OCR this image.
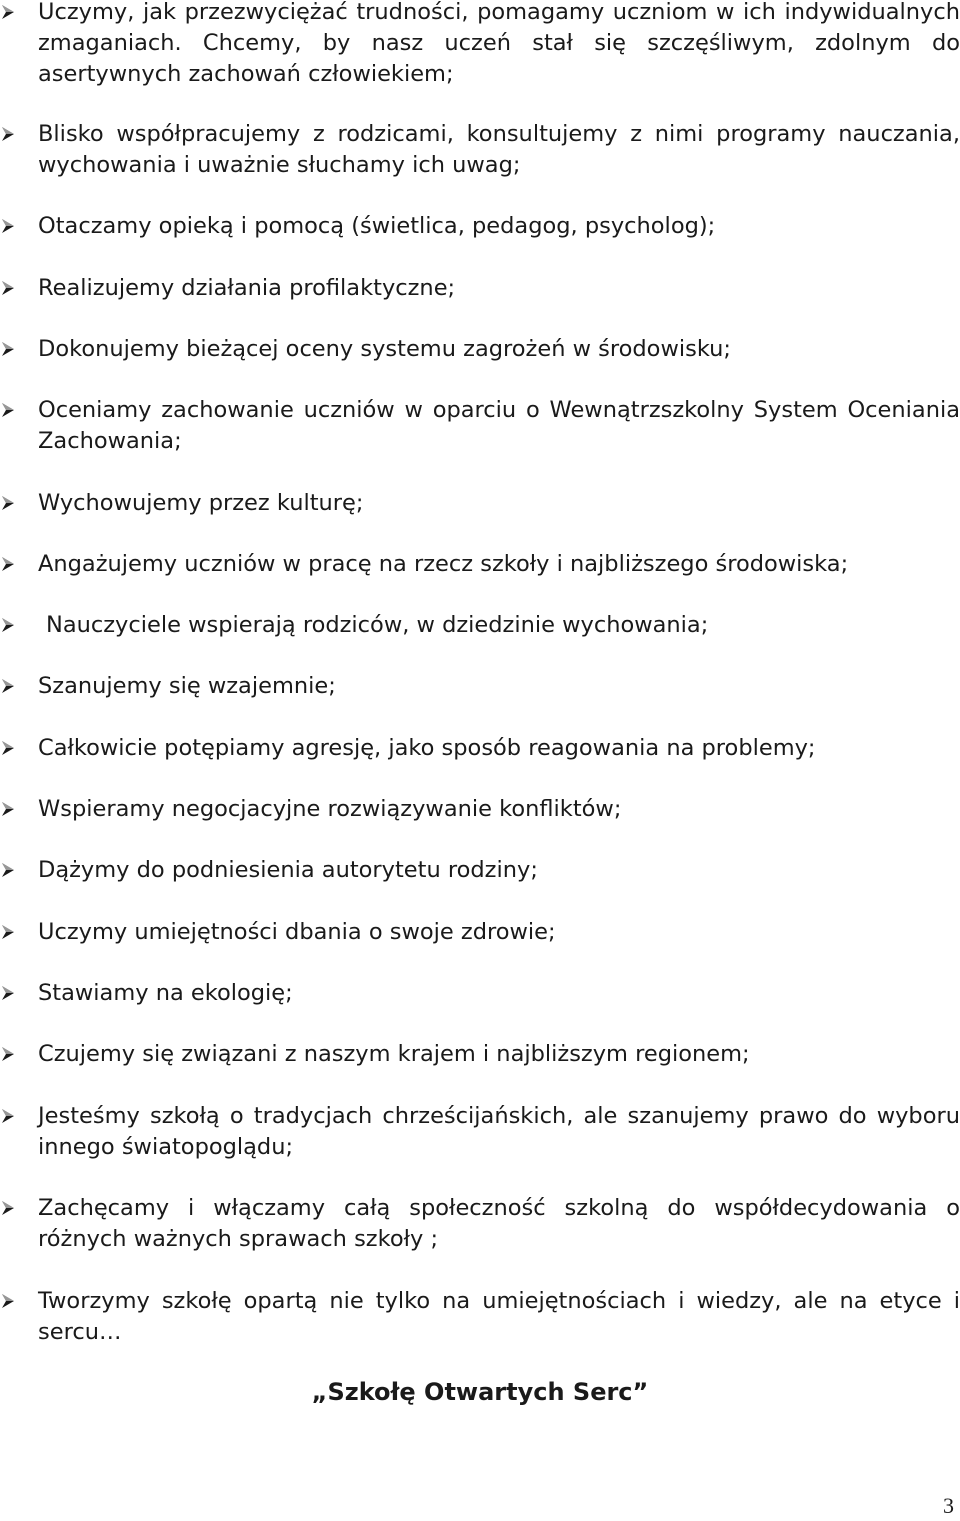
Uczymy, jak przezwyciężać trudności, pomagamy uczniom w ich indywidualnych zmaganiach. Chcemy, by nasz uczeń stał się szczęśliwym, zdolnym do asertywnych zachowań człowiekiem;
Blisko współpracujemy z rodzicami, konsultujemy z nimi programy nauczania, wychowania i uważnie słuchamy ich uwag;
Otaczamy opieką i pomocą (świetlica, pedagog, psycholog);
Realizujemy działania profilaktyczne;
Dokonujemy bieżącej oceny systemu zagrożeń w środowisku;
Oceniamy zachowanie uczniów w oparciu o Wewnątrzszkolny System Oceniania Zachowania;
Wychowujemy przez kulturę;
Angażujemy uczniów w pracę na rzecz szkoły i najbliższego środowiska;
Nauczyciele wspierają rodziców, w dziedzinie wychowania;
Szanujemy się wzajemnie;
Całkowicie potępiamy agresję, jako sposób reagowania na problemy;
Wspieramy negocjacyjne rozwiązywanie konfliktów;
Dążymy do podniesienia autorytetu rodziny;
Uczymy umiejętności dbania o swoje zdrowie;
Stawiamy na ekologię;
Czujemy się związani z naszym krajem i najbliższym regionem;
Jesteśmy szkołą o tradycjach chrześcijańskich, ale szanujemy prawo do wyboru innego światopoglądu;
Zachęcamy i włączamy całą społeczność szkolną do współdecydowania o różnych ważnych sprawach szkoły ;
Tworzymy szkołę opartą nie tylko na umiejętnościach i wiedzy, ale na etyce i sercu…
„Szkołę Otwartych Serc”
3
